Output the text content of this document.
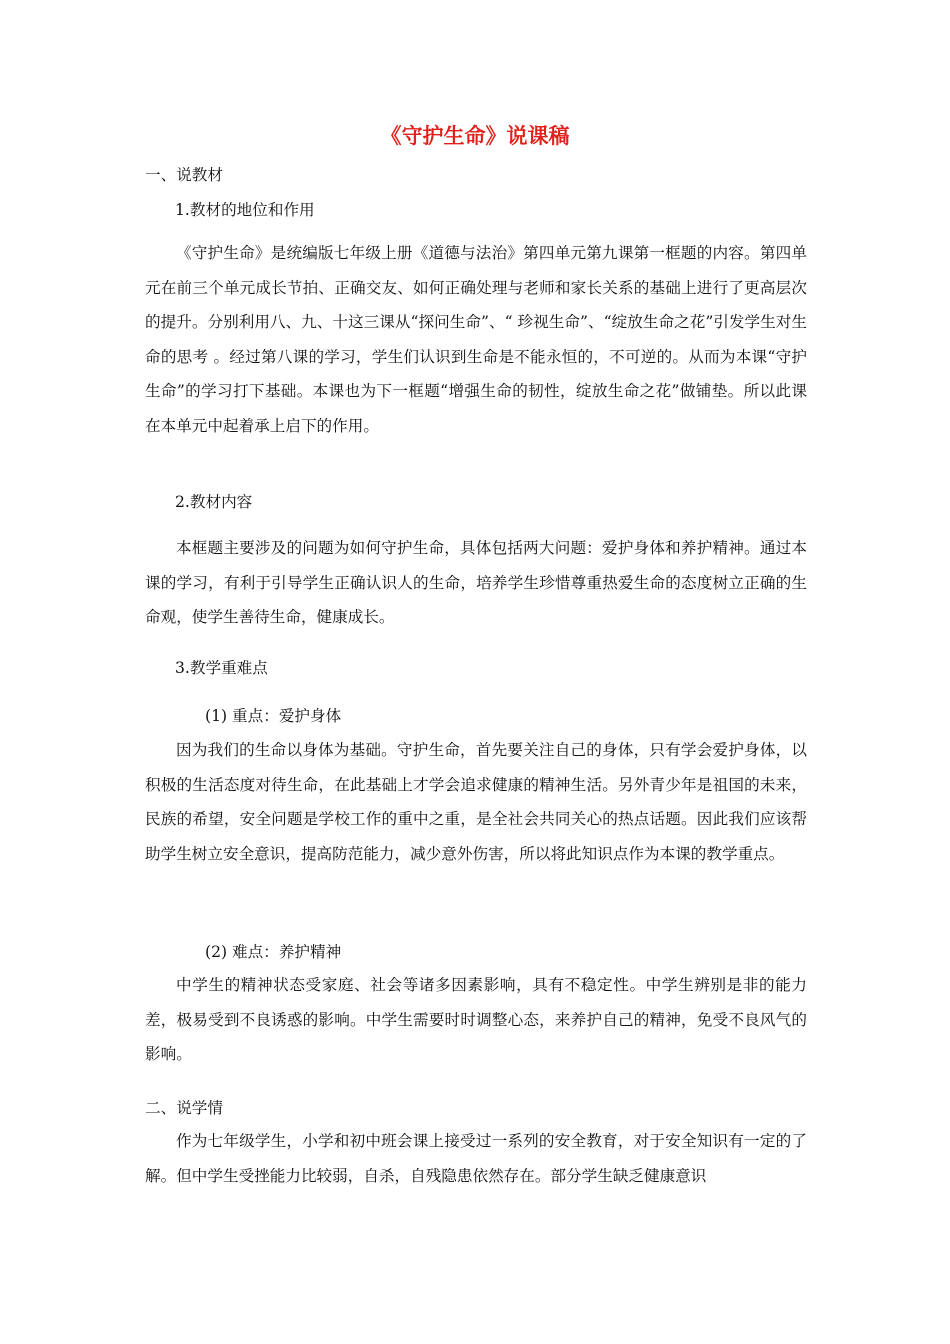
《守护生命》说课稿
一、说教材
1.教材的地位和作用
《守护生命》是统编版七年级上册《道德与法治》第四单元第九课第一框题的内容。第四单元在前三个单元成长节拍、正确交友、如何正确处理与老师和家长关系的基础上进行了更高层次的提升。分别利用八、九、十这三课从“探问生命”、“ 珍视生命”、“绽放生命之花”引发学生对生命的思考 。经过第八课的学习，学生们认识到生命是不能永恒的，不可逆的。从而为本课“守护生命”的学习打下基础。本课也为下一框题“增强生命的韧性，绽放生命之花”做铺垫。所以此课在本单元中起着承上启下的作用。
2.教材内容
本框题主要涉及的问题为如何守护生命，具体包括两大问题：爱护身体和养护精神。通过本课的学习，有利于引导学生正确认识人的生命，培养学生珍惜尊重热爱生命的态度树立正确的生命观，使学生善待生命，健康成长。
3.教学重难点
(1) 重点：爱护身体
因为我们的生命以身体为基础。守护生命，首先要关注自己的身体，只有学会爱护身体，以积极的生活态度对待生命，在此基础上才学会追求健康的精神生活。另外青少年是祖国的未来，民族的希望，安全问题是学校工作的重中之重，是全社会共同关心的热点话题。因此我们应该帮助学生树立安全意识，提高防范能力，减少意外伤害，所以将此知识点作为本课的教学重点。
(2) 难点：养护精神
中学生的精神状态受家庭、社会等诸多因素影响，具有不稳定性。中学生辨别是非的能力差，极易受到不良诱惑的影响。中学生需要时时调整心态，来养护自己的精神，免受不良风气的影响。
二、说学情
作为七年级学生，小学和初中班会课上接受过一系列的安全教育，对于安全知识有一定的了解。但中学生受挫能力比较弱，自杀，自残隐患依然存在。部分学生缺乏健康意识
